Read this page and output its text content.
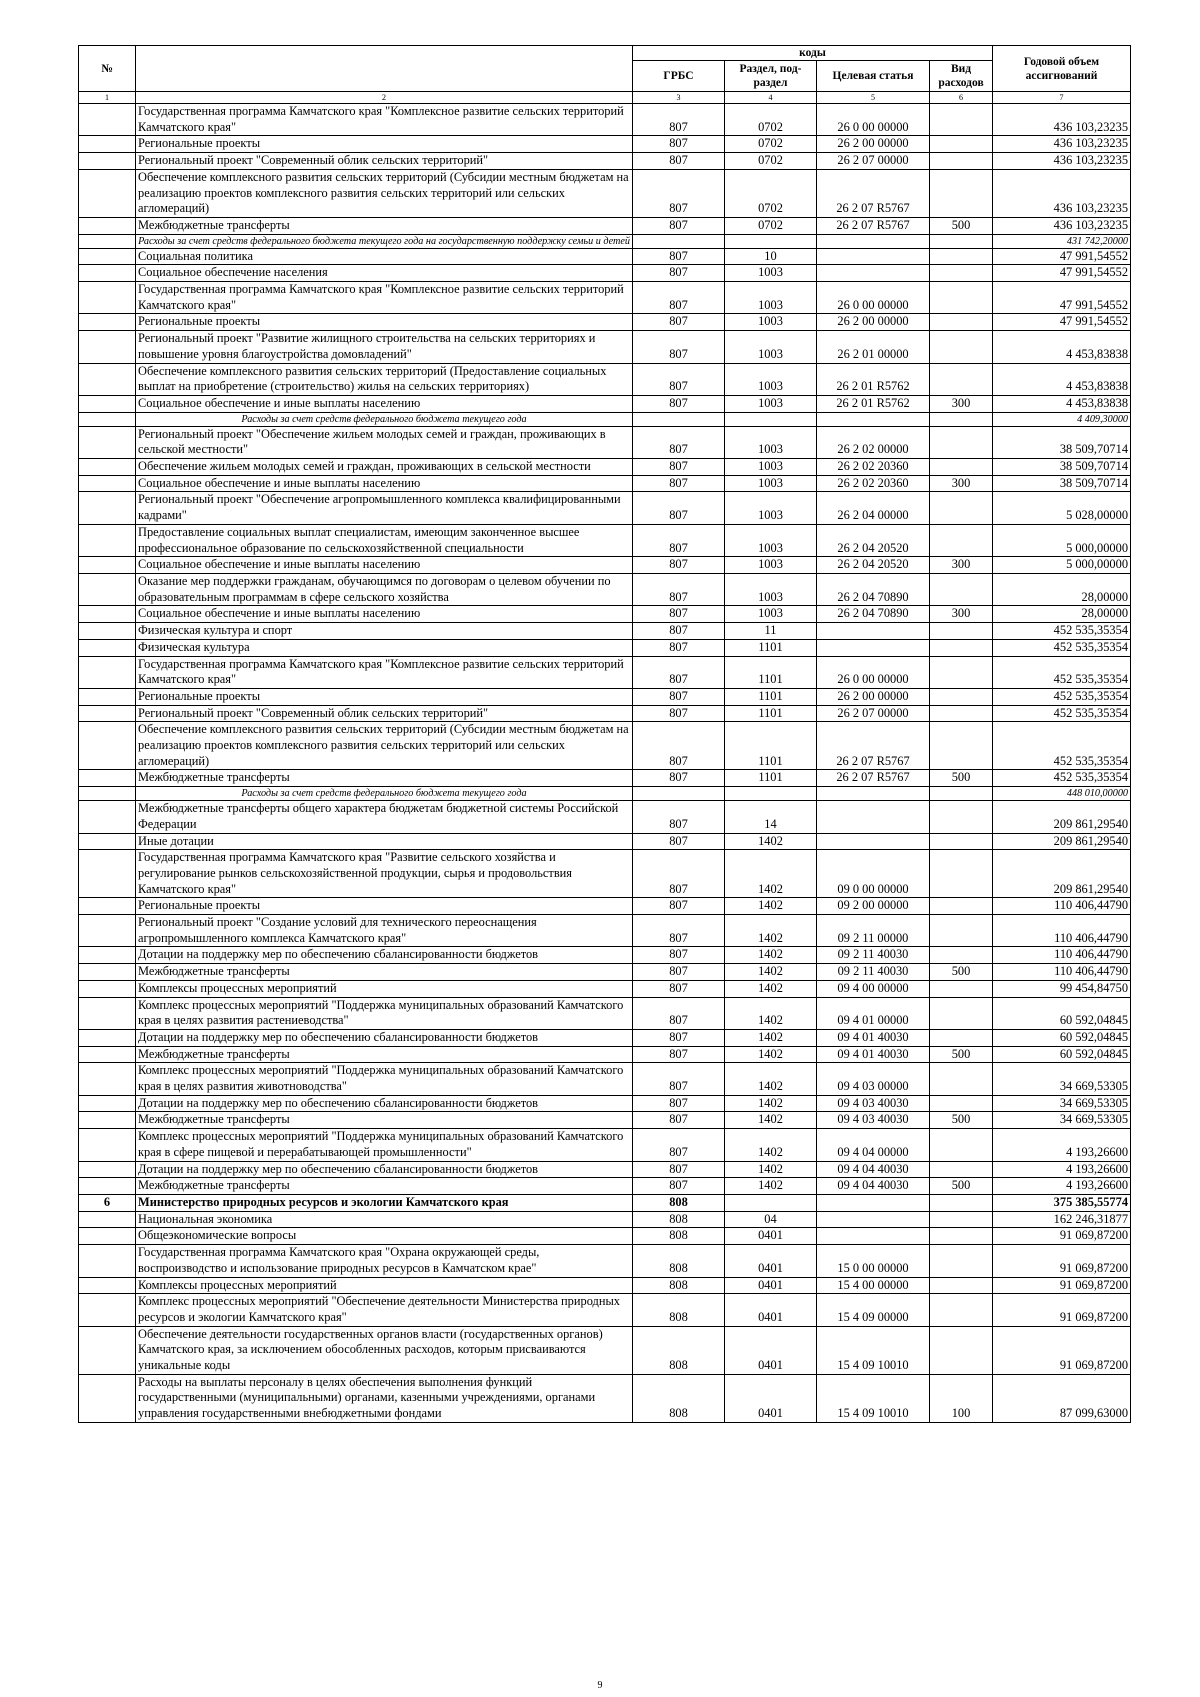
№		коды				Годовой объем ассигнований
		ГРБС	Раздел, под-раздел	Целевая статья	Вид расходов	
1	2	3	4	5	6	7
	Государственная программа Камчатского края "Комплексное развитие сельских территорий Камчатского края"	807	0702	26 0 00 00000		436 103,23235
	Региональные проекты	807	0702	26 2 00 00000		436 103,23235
	Региональный проект "Современный облик сельских территорий"	807	0702	26 2 07 00000		436 103,23235
	Обеспечение комплексного развития сельских территорий (Субсидии местным бюджетам на реализацию проектов комплексного развития сельских территорий или сельских агломераций)	807	0702	26 2 07 R5767		436 103,23235
	Межбюджетные трансферты	807	0702	26 2 07 R5767	500	436 103,23235
	Расходы за счет средств федерального бюджета текущего года на государственную поддержку семьи и детей					431 742,20000
	Социальная политика	807	10			47 991,54552
	Социальное обеспечение населения	807	1003			47 991,54552
	Государственная программа Камчатского края "Комплексное развитие сельских территорий Камчатского края"	807	1003	26 0 00 00000		47 991,54552
	Региональные проекты	807	1003	26 2 00 00000		47 991,54552
	Региональный проект "Развитие жилищного строительства на сельских территориях и повышение уровня благоустройства домовладений"	807	1003	26 2 01 00000		4 453,83838
	Обеспечение комплексного развития сельских территорий (Предоставление социальных выплат на приобретение (строительство) жилья на сельских территориях)	807	1003	26 2 01 R5762		4 453,83838
	Социальное обеспечение и иные выплаты населению	807	1003	26 2 01 R5762	300	4 453,83838
	Расходы за счет средств федерального бюджета текущего года					4 409,30000
	Региональный проект "Обеспечение жильем молодых семей и граждан, проживающих в сельской местности"	807	1003	26 2 02 00000		38 509,70714
	Обеспечение жильем молодых семей и граждан, проживающих в сельской местности	807	1003	26 2 02 20360		38 509,70714
	Социальное обеспечение и иные выплаты населению	807	1003	26 2 02 20360	300	38 509,70714
	Региональный проект "Обеспечение агропромышленного комплекса квалифицированными кадрами"	807	1003	26 2 04 00000		5 028,00000
	Предоставление социальных выплат специалистам, имеющим законченное высшее профессиональное образование по сельскохозяйственной специальности	807	1003	26 2 04 20520		5 000,00000
	Социальное обеспечение и иные выплаты населению	807	1003	26 2 04 20520	300	5 000,00000
	Оказание мер поддержки гражданам, обучающимся по договорам о целевом обучении по образовательным программам в сфере сельского хозяйства	807	1003	26 2 04 70890		28,00000
	Социальное обеспечение и иные выплаты населению	807	1003	26 2 04 70890	300	28,00000
	Физическая культура и спорт	807	11			452 535,35354
	Физическая культура	807	1101			452 535,35354
	Государственная программа Камчатского края "Комплексное развитие сельских территорий Камчатского края"	807	1101	26 0 00 00000		452 535,35354
	Региональные проекты	807	1101	26 2 00 00000		452 535,35354
	Региональный проект "Современный облик сельских территорий"	807	1101	26 2 07 00000		452 535,35354
	Обеспечение комплексного развития сельских территорий (Субсидии местным бюджетам на реализацию проектов комплексного развития сельских территорий или сельских агломераций)	807	1101	26 2 07 R5767		452 535,35354
	Межбюджетные трансферты	807	1101	26 2 07 R5767	500	452 535,35354
	Расходы за счет средств федерального бюджета текущего года					448 010,00000
	Межбюджетные трансферты общего характера бюджетам бюджетной системы Российской Федерации	807	14			209 861,29540
	Иные дотации	807	1402			209 861,29540
	Государственная программа Камчатского края "Развитие сельского хозяйства и регулирование рынков сельскохозяйственной продукции, сырья и продовольствия Камчатского края"	807	1402	09 0 00 00000		209 861,29540
	Региональные проекты	807	1402	09 2 00 00000		110 406,44790
	Региональный проект "Создание условий для технического переоснащения агропромышленного комплекса Камчатского края"	807	1402	09 2 11 00000		110 406,44790
	Дотации на поддержку мер по обеспечению сбалансированности бюджетов	807	1402	09 2 11 40030		110 406,44790
	Межбюджетные трансферты	807	1402	09 2 11 40030	500	110 406,44790
	Комплексы процессных мероприятий	807	1402	09 4 00 00000		99 454,84750
	Комплекс процессных мероприятий "Поддержка муниципальных образований Камчатского края в целях развития растениеводства"	807	1402	09 4 01 00000		60 592,04845
	Дотации на поддержку мер по обеспечению сбалансированности бюджетов	807	1402	09 4 01 40030		60 592,04845
	Межбюджетные трансферты	807	1402	09 4 01 40030	500	60 592,04845
	Комплекс процессных мероприятий "Поддержка муниципальных образований Камчатского края в целях развития животноводства"	807	1402	09 4 03 00000		34 669,53305
	Дотации на поддержку мер по обеспечению сбалансированности бюджетов	807	1402	09 4 03 40030		34 669,53305
	Межбюджетные трансферты	807	1402	09 4 03 40030	500	34 669,53305
	Комплекс процессных мероприятий "Поддержка муниципальных образований Камчатского края в сфере пищевой и перерабатывающей промышленности"	807	1402	09 4 04 00000		4 193,26600
	Дотации на поддержку мер по обеспечению сбалансированности бюджетов	807	1402	09 4 04 40030		4 193,26600
	Межбюджетные трансферты	807	1402	09 4 04 40030	500	4 193,26600
6	Министерство природных ресурсов и экологии Камчатского края	808				375 385,55774
	Национальная экономика	808	04			162 246,31877
	Общеэкономические вопросы	808	0401			91 069,87200
	Государственная программа Камчатского края "Охрана окружающей среды, воспроизводство и использование природных ресурсов в Камчатском крае"	808	0401	15 0 00 00000		91 069,87200
	Комплексы процессных мероприятий	808	0401	15 4 00 00000		91 069,87200
	Комплекс процессных мероприятий "Обеспечение деятельности Министерства природных ресурсов и экологии Камчатского края"	808	0401	15 4 09 00000		91 069,87200
	Обеспечение деятельности государственных органов власти (государственных органов) Камчатского края, за исключением обособленных расходов, которым присваиваются уникальные коды	808	0401	15 4 09 10010		91 069,87200
	Расходы на выплаты персоналу в целях обеспечения выполнения функций государственными (муниципальными) органами, казенными учреждениями, органами управления государственными внебюджетными фондами	808	0401	15 4 09 10010	100	87 099,63000
9
